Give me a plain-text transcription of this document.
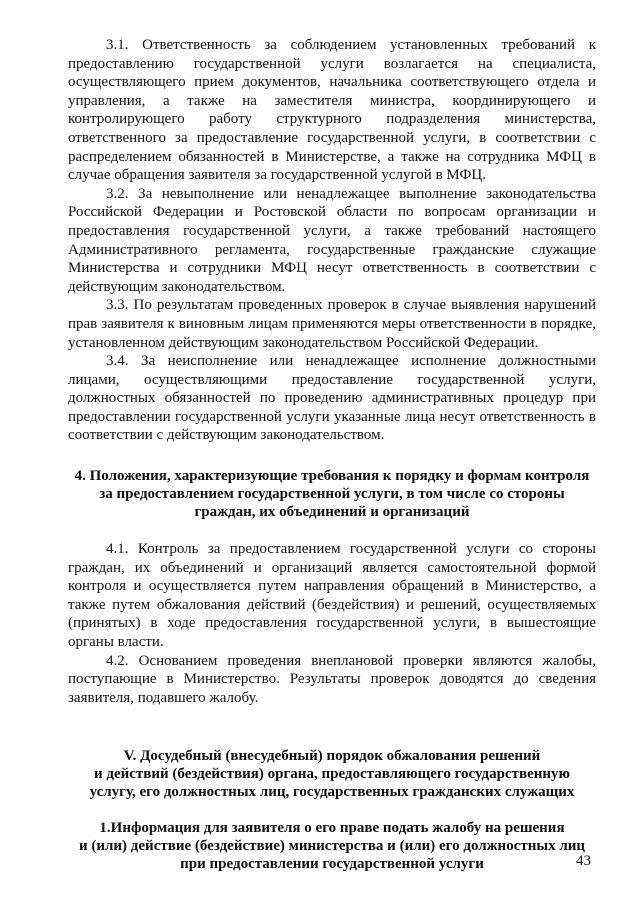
3.1. Ответственность за соблюдением установленных требований к предоставлению государственной услуги возлагается на специалиста, осуществляющего прием документов, начальника соответствующего отдела и управления, а также на заместителя министра, координирующего и контролирующего работу структурного подразделения министерства, ответственного за предоставление государственной услуги, в соответствии с распределением обязанностей в Министерстве, а также на сотрудника МФЦ в случае обращения заявителя за государственной услугой в МФЦ.

3.2. За невыполнение или ненадлежащее выполнение законодательства Российской Федерации и Ростовской области по вопросам организации и предоставления государственной услуги, а также требований настоящего Административного регламента, государственные гражданские служащие Министерства и сотрудники МФЦ несут ответственность в соответствии с действующим законодательством.

3.3. По результатам проведенных проверок в случае выявления нарушений прав заявителя к виновным лицам применяются меры ответственности в порядке, установленном действующим законодательством Российской Федерации.

3.4. За неисполнение или ненадлежащее исполнение должностными лицами, осуществляющими предоставление государственной услуги, должностных обязанностей по проведению административных процедур при предоставлении государственной услуги указанные лица несут ответственность в соответствии с действующим законодательством.

4. Положения, характеризующие требования к порядку и формам контроля
за предоставлением государственной услуги, в том числе со стороны
граждан, их объединений и организаций

4.1. Контроль за предоставлением государственной услуги со стороны граждан, их объединений и организаций является самостоятельной формой контроля и осуществляется путем направления обращений в Министерство, а также путем обжалования действий (бездействия) и решений, осуществляемых (принятых) в ходе предоставления государственной услуги, в вышестоящие органы власти.

4.2. Основанием проведения внеплановой проверки являются жалобы, поступающие в Министерство. Результаты проверок доводятся до сведения заявителя, подавшего жалобу.

V. Досудебный (внесудебный) порядок обжалования решений
и действий (бездействия) органа, предоставляющего государственную
услугу, его должностных лиц, государственных гражданских служащих
1.Информация для заявителя о его праве подать жалобу на решения
и (или) действие (бездействие) министерства и (или) его должностных лиц
при предоставлении государственной услуги	43
